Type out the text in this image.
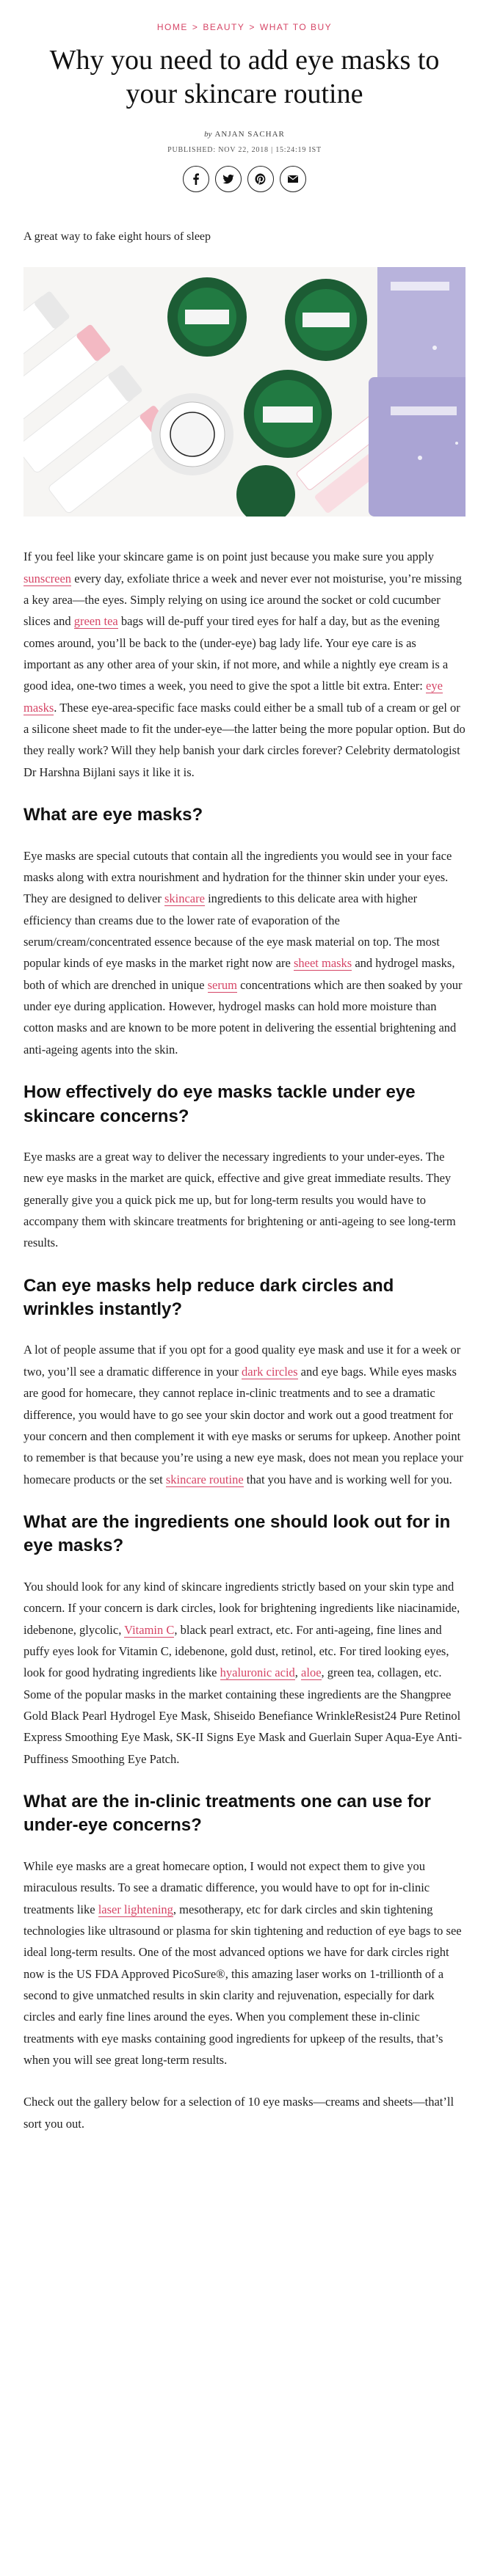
HOME > BEAUTY > WHAT TO BUY
Why you need to add eye masks to your skincare routine
by ANJAN SACHAR
PUBLISHED: NOV 22, 2018 | 15:24:19 IST

A great way to fake eight hours of sleep

If you feel like your skincare game is on point just because you make sure you apply sunscreen every day, exfoliate thrice a week and never ever not moisturise, you’re missing a key area—the eyes. Simply relying on using ice around the socket or cold cucumber slices and green tea bags will de-puff your tired eyes for half a day, but as the evening comes around, you’ll be back to the (under-eye) bag lady life. Your eye care is as important as any other area of your skin, if not more, and while a nightly eye cream is a good idea, one-two times a week, you need to give the spot a little bit extra. Enter: eye masks. These eye-area-specific face masks could either be a small tub of a cream or gel or a silicone sheet made to fit the under-eye—the latter being the more popular option. But do they really work? Will they help banish your dark circles forever? Celebrity dermatologist Dr Harshna Bijlani says it like it is.

What are eye masks?

Eye masks are special cutouts that contain all the ingredients you would see in your face masks along with extra nourishment and hydration for the thinner skin under your eyes. They are designed to deliver skincare ingredients to this delicate area with higher efficiency than creams due to the lower rate of evaporation of the serum/cream/concentrated essence because of the eye mask material on top. The most popular kinds of eye masks in the market right now are sheet masks and hydrogel masks, both of which are drenched in unique serum concentrations which are then soaked by your under eye during application. However, hydrogel masks can hold more moisture than cotton masks and are known to be more potent in delivering the essential brightening and anti-ageing agents into the skin.

How effectively do eye masks tackle under eye skincare concerns?

Eye masks are a great way to deliver the necessary ingredients to your under-eyes. The new eye masks in the market are quick, effective and give great immediate results. They generally give you a quick pick me up, but for long-term results you would have to accompany them with skincare treatments for brightening or anti-ageing to see long-term results.

Can eye masks help reduce dark circles and wrinkles instantly?

A lot of people assume that if you opt for a good quality eye mask and use it for a week or two, you’ll see a dramatic difference in your dark circles and eye bags. While eyes masks are good for homecare, they cannot replace in-clinic treatments and to see a dramatic difference, you would have to go see your skin doctor and work out a good treatment for your concern and then complement it with eye masks or serums for upkeep. Another point to remember is that because you’re using a new eye mask, does not mean you replace your homecare products or the set skincare routine that you have and is working well for you.

What are the ingredients one should look out for in eye masks?

You should look for any kind of skincare ingredients strictly based on your skin type and concern. If your concern is dark circles, look for brightening ingredients like niacinamide, idebenone, glycolic, Vitamin C, black pearl extract, etc. For anti-ageing, fine lines and puffy eyes look for Vitamin C, idebenone, gold dust, retinol, etc. For tired looking eyes, look for good hydrating ingredients like hyaluronic acid, aloe, green tea, collagen, etc. Some of the popular masks in the market containing these ingredients are the Shangpree Gold Black Pearl Hydrogel Eye Mask, Shiseido Benefiance WrinkleResist24 Pure Retinol Express Smoothing Eye Mask, SK-II Signs Eye Mask and Guerlain Super Aqua-Eye Anti-Puffiness Smoothing Eye Patch.

What are the in-clinic treatments one can use for under-eye concerns?

While eye masks are a great homecare option, I would not expect them to give you miraculous results. To see a dramatic difference, you would have to opt for in-clinic treatments like laser lightening, mesotherapy, etc for dark circles and skin tightening technologies like ultrasound or plasma for skin tightening and reduction of eye bags to see ideal long-term results. One of the most advanced options we have for dark circles right now is the US FDA Approved PicoSure®, this amazing laser works on 1-trillionth of a second to give unmatched results in skin clarity and rejuvenation, especially for dark circles and early fine lines around the eyes. When you complement these in-clinic treatments with eye masks containing good ingredients for upkeep of the results, that’s when you will see great long-term results.

Check out the gallery below for a selection of 10 eye masks—creams and sheets—that’ll sort you out.
